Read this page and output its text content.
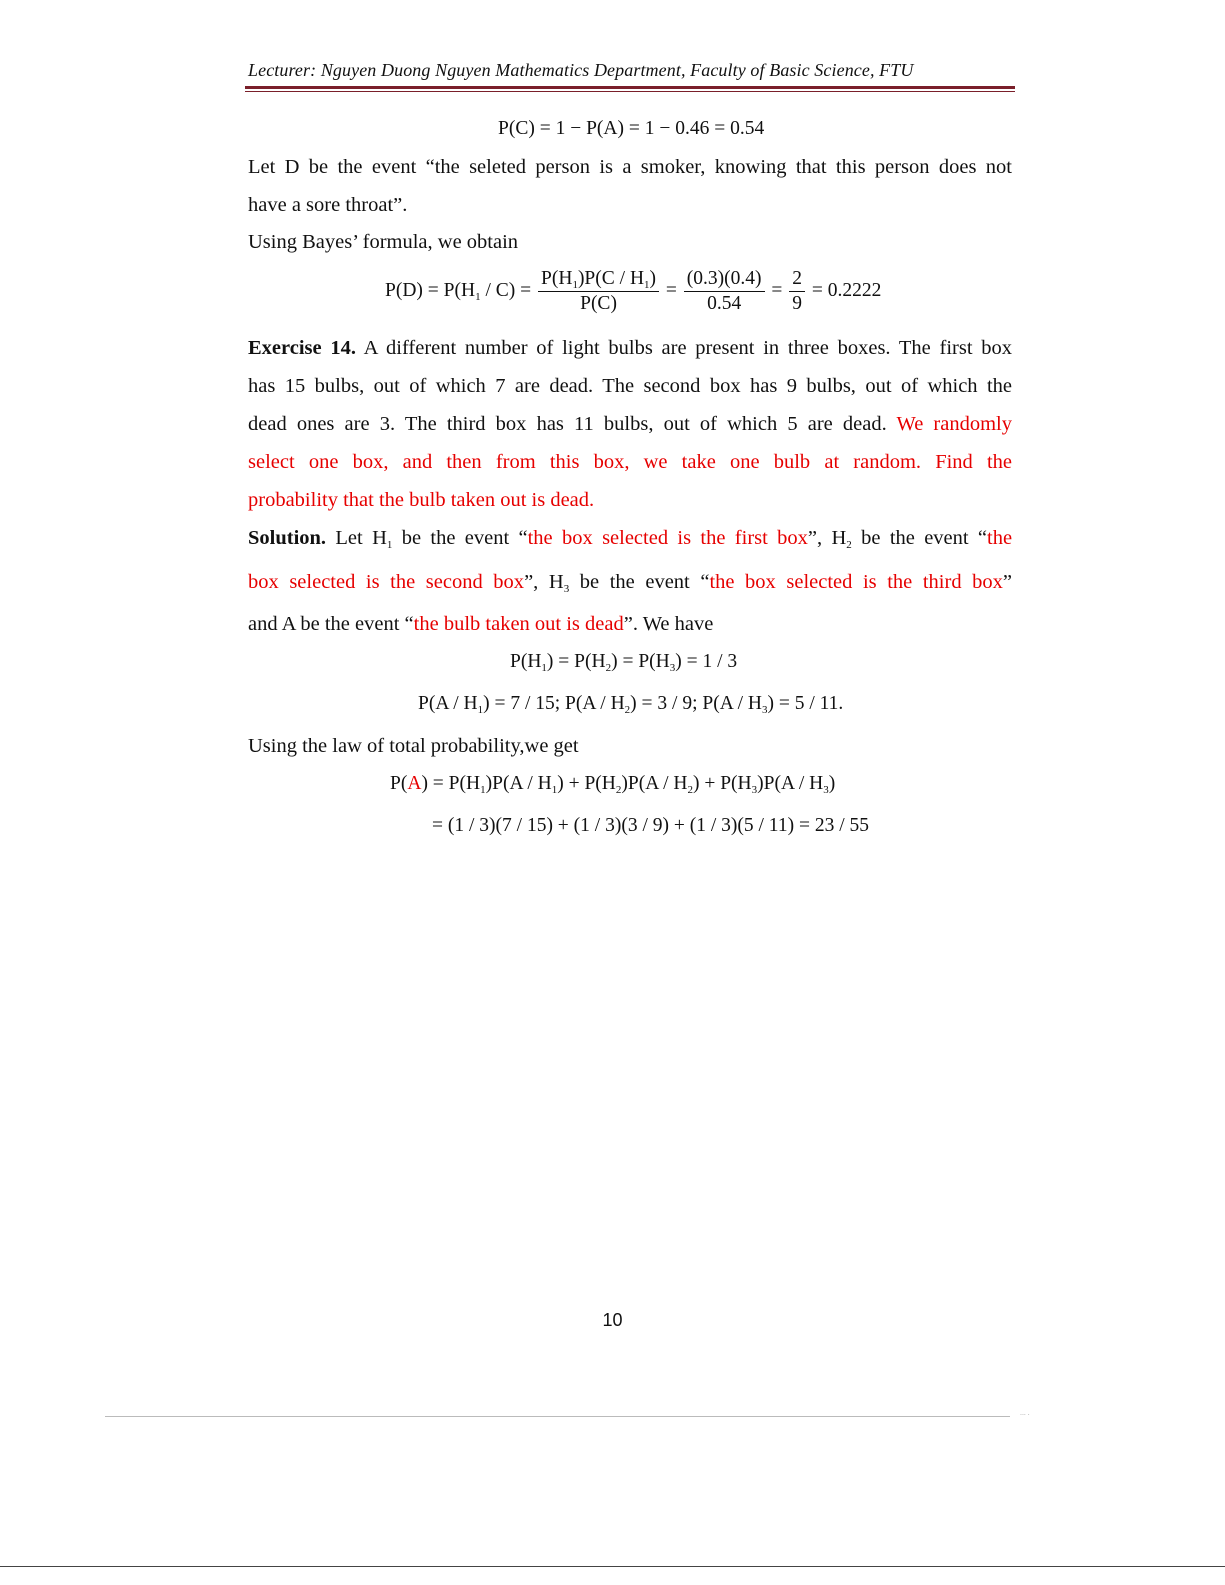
Lecturer: Nguyen Duong Nguyen Mathematics Department, Faculty of Basic Science, FTU
P(C) = 1 − P(A) = 1 − 0.46 = 0.54
Let D be the event “the seleted person is a smoker, knowing that this person does not
have a sore throat”.
Using Bayes’ formula, we obtain
$P(D) = P(H_1 / C) = \frac{P(H_1)P(C / H_1)}{P(C)} = \frac{(0.3)(0.4)}{0.54} = \frac{2}{9} = 0.2222$
Exercise 14. A different number of light bulbs are present in three boxes. The first box
has 15 bulbs, out of which 7 are dead. The second box has 9 bulbs, out of which the
dead ones are 3. The third box has 11 bulbs, out of which 5 are dead. We randomly
select one box, and then from this box, we take one bulb at random. Find the
probability that the bulb taken out is dead.
Solution. Let $H_1$ be the event “the box selected is the first box”, $H_2$ be the event “the
box selected is the second box”, $H_3$ be the event “the box selected is the third box”
and A be the event “the bulb taken out is dead”. We have
$P(H_1) = P(H_2) = P(H_3) = 1 / 3$
$P(A / H_1) = 7 / 15$; $P(A / H_2) = 3 / 9$; $P(A / H_3) = 5 / 11$.
Using the law of total probability,we get
$P(A) = P(H_1)P(A / H_1) + P(H_2)P(A / H_2) + P(H_3)P(A / H_3)$
= (1 / 3)(7 / 15) + (1 / 3)(3 / 9) + (1 / 3)(5 / 11) = 23 / 55
10
... .
